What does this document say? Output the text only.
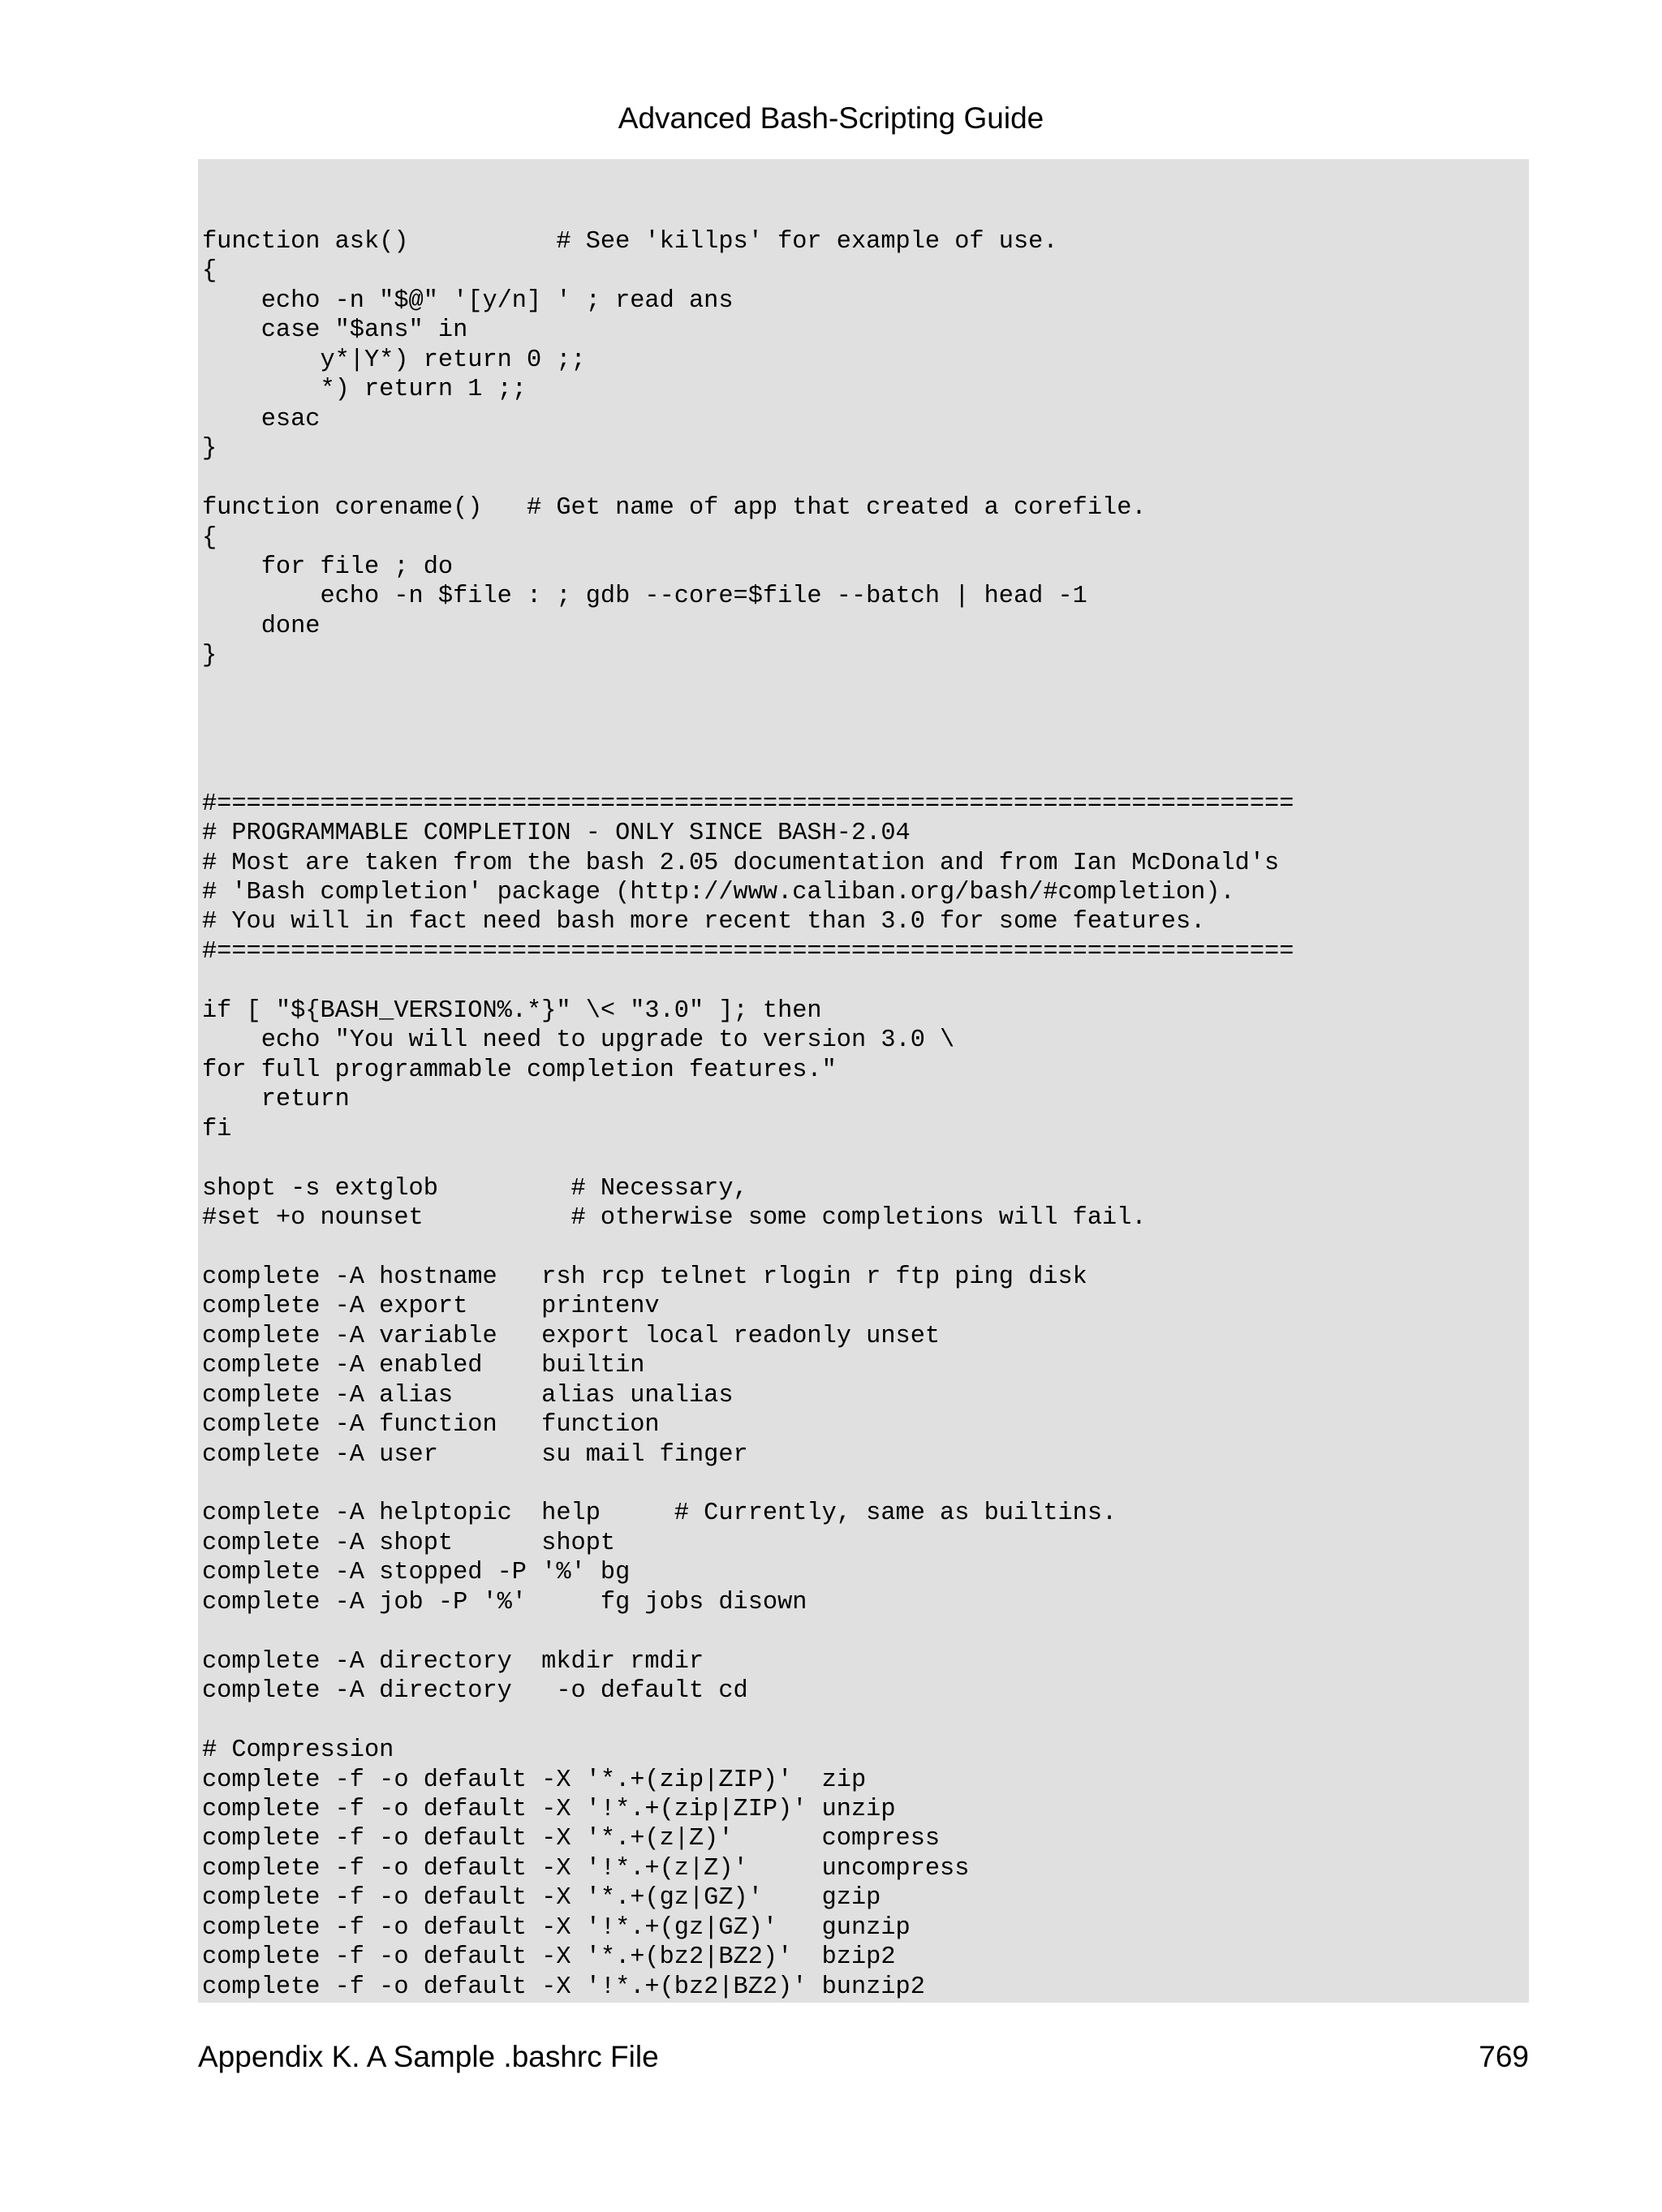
Advanced Bash-Scripting Guide
function ask()          # See 'killps' for example of use.
{
echo -n "$@" '[y/n] ' ; read ans
case "$ans" in
y*|Y*) return 0 ;;
*) return 1 ;;
esac
}

function corename()   # Get name of app that created a corefile.
{
for file ; do
echo -n $file : ; gdb --core=$file --batch | head -1
done
}

#=========================================================================
# PROGRAMMABLE COMPLETION - ONLY SINCE BASH-2.04
# Most are taken from the bash 2.05 documentation and from Ian McDonald's
# 'Bash completion' package (http://www.caliban.org/bash/#completion).
# You will in fact need bash more recent than 3.0 for some features.
#=========================================================================

if [ "${BASH_VERSION%.*}" \< "3.0" ]; then
echo "You will need to upgrade to version 3.0 \
for full programmable completion features."
return
fi

shopt -s extglob         # Necessary,
#set +o nounset          # otherwise some completions will fail.

complete -A hostname   rsh rcp telnet rlogin r ftp ping disk
complete -A export     printenv
complete -A variable   export local readonly unset
complete -A enabled    builtin
complete -A alias      alias unalias
complete -A function   function
complete -A user       su mail finger

complete -A helptopic  help     # Currently, same as builtins.
complete -A shopt      shopt
complete -A stopped -P '%' bg
complete -A job -P '%'     fg jobs disown

complete -A directory  mkdir rmdir
complete -A directory   -o default cd

# Compression
complete -f -o default -X '*.+(zip|ZIP)'  zip
complete -f -o default -X '!*.+(zip|ZIP)' unzip
complete -f -o default -X '*.+(z|Z)'      compress
complete -f -o default -X '!*.+(z|Z)'     uncompress
complete -f -o default -X '*.+(gz|GZ)'    gzip
complete -f -o default -X '!*.+(gz|GZ)'   gunzip
complete -f -o default -X '*.+(bz2|BZ2)'  bzip2
complete -f -o default -X '!*.+(bz2|BZ2)' bunzip2
Appendix K. A Sample .bashrc File	769
